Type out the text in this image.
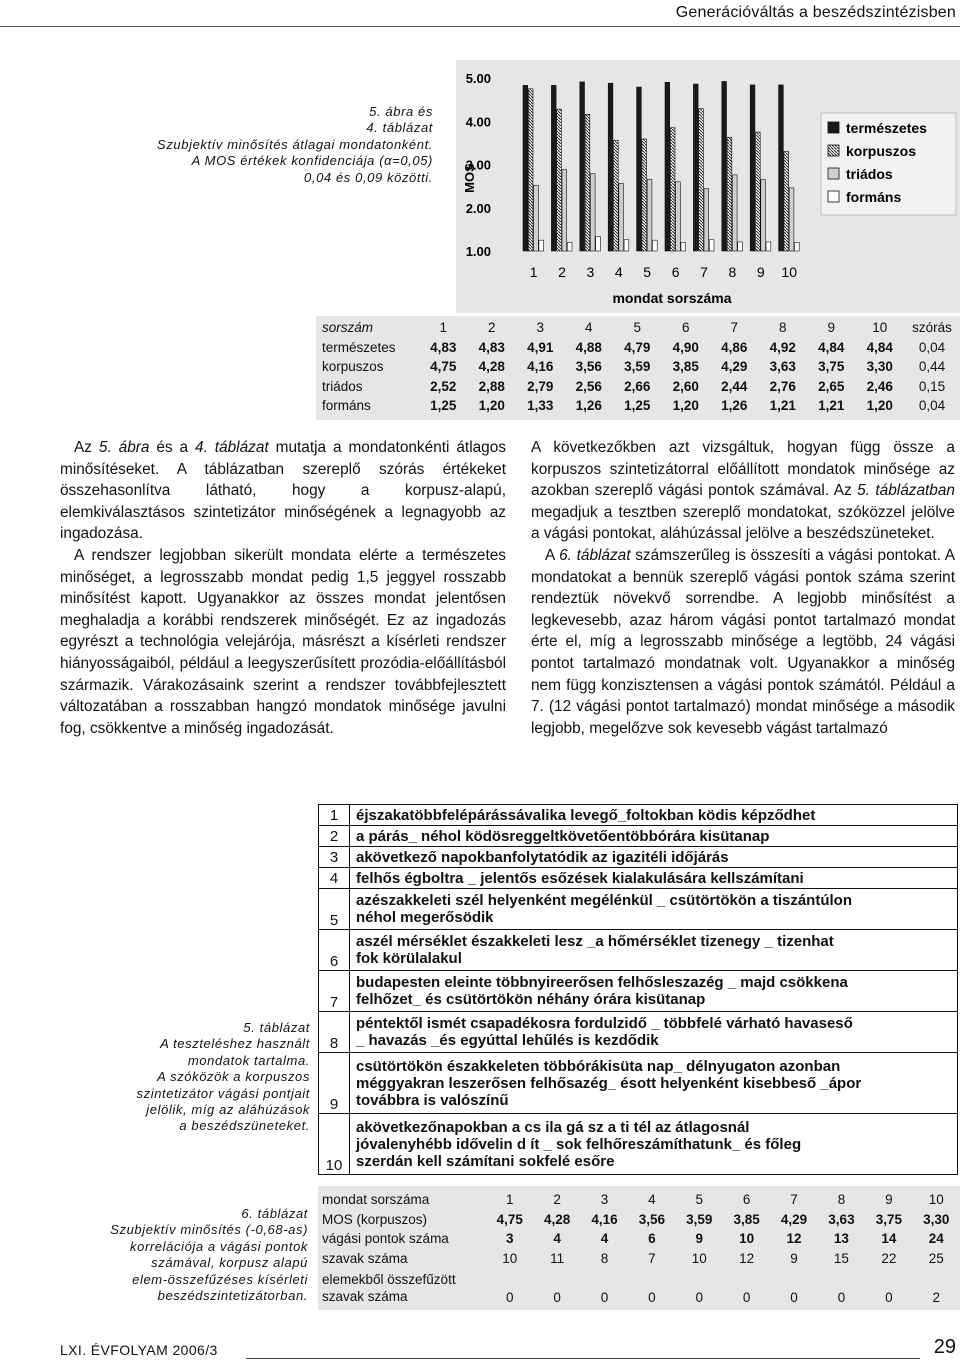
Generációváltás a beszédszintézisben
5. ábra és
4. táblázat
Szubjektív minősítés átlagai mondatonként.
A MOS értékek konfidenciája (α=0,05)
0,04 és 0,09 közötti. MOS
5.00
4.00
3.00
2.00
1.00
1 2 3 4 5 6 7 8 9 10
mondat sorszáma
természetes
korpuszos
triádos
formáns
sorszám	1	2	3	4	5	6	7	8	9	10	szórás
természetes	4,83	4,83	4,91	4,88	4,79	4,90	4,86	4,92	4,84	4,84	0,04
korpuszos	4,75	4,28	4,16	3,56	3,59	3,85	4,29	3,63	3,75	3,30	0,44
triádos	2,52	2,88	2,79	2,56	2,66	2,60	2,44	2,76	2,65	2,46	0,15
formáns	1,25	1,20	1,33	1,26	1,25	1,20	1,26	1,21	1,21	1,20	0,04

Az 5. ábra és a 4. táblázat mutatja a mondatonkénti átlagos minősítéseket. A táblázatban szereplő szórás értékeket összehasonlítva látható, hogy a korpusz-alapú, elemkiválasztásos szintetizátor minőségének a legnagyobb az ingadozása.

A rendszer legjobban sikerült mondata elérte a természetes minőséget, a legrosszabb mondat pedig 1,5 jeggyel rosszabb minősítést kapott. Ugyanakkor az összes mondat jelentősen meghaladja a korábbi rendszerek minőségét. Ez az ingadozás egyrészt a technológia velejárója, másrészt a kísérleti rendszer hiányosságaiból, például a leegyszerűsített prozódia-előállításból származik. Várakozásaink szerint a rendszer továbbfejlesztett változatában a rosszabban hangzó mondatok minősége javulni fog, csökkentve a minőség ingadozását.

A következőkben azt vizsgáltuk, hogyan függ össze a korpuszos szintetizátorral előállított mondatok minősége az azokban szereplő vágási pontok számával. Az 5. táblázatban megadjuk a tesztben szereplő mondatokat, szóközzel jelölve a vágási pontokat, aláhúzással jelölve a beszédszüneteket.

A 6. táblázat számszerűleg is összesíti a vágási pontokat. A mondatokat a bennük szereplő vágási pontok száma szerint rendeztük növekvő sorrendbe. A legjobb minősítést a legkevesebb, azaz három vágási pontot tartalmazó mondat érte el, míg a legrosszabb minősége a legtöbb, 24 vágási pontot tartalmazó mondatnak volt. Ugyanakkor a minőség nem függ konzisztensen a vágási pontok számától. Például a 7. (12 vágási pontot tartalmazó) mondat minősége a második legjobb, megelőzve sok kevesebb vágást tartalmazó

5. táblázat
A teszteléshez használt
mondatok tartalma.
A szóközök a korpuszos
szintetizátor vágási pontjait
jelölik, míg az aláhúzások
a beszédszüneteket.
1	éjszakatöbbfelépárássávalika levegő_foltokban ködis képződhet

2	a párás_ néhol ködösreggeltkövetőentöbbórára kisütanap

3	akövetkező napokbanfolytatódik az igazitéli időjárás

4	felhős égboltra _ jelentős esőzések kialakulására kellszámítani

5	azészakkeleti szél helyenként megélénkül _ csütörtökön a tiszántúlon
néhol megerősödik

6	aszél mérséklet északkeleti lesz _a hőmérséklet tizenegy _ tizenhat
fok körülalakul

7	budapesten eleinte többnyireerősen felhősleszazég _ majd csökkena
felhőzet_ és csütörtökön néhány órára kisütanap

8	péntektől ismét csapadékosra fordulzidő _ többfelé várható havaseső
_ havazás _és egyúttal lehűlés is kezdődik

9	csütörtökön északkeleten többórákisüta nap_ délnyugaton azonban
méggyakran leszerősen felhősazég_ ésott helyenként kisebbeső _ápor
továbbra is valószínű

10	akövetkezőnapokban a cs ila gá sz a ti tél az átlagosnál
jóvalenyhébb idővelin d ít _ sok felhőreszámíthatunk_ és főleg
szerdán kell számítani sokfelé esőre
6. táblázat
Szubjektív minősítés (-0,68-as)
korrelációja a vágási pontok
számával, korpusz alapú
elem-összefűzéses kísérleti
beszédszintetizátorban.
mondat sorszáma	1	2	3	4	5	6	7	8	9	10
MOS (korpuszos)	4,75	4,28	4,16	3,56	3,59	3,85	4,29	3,63	3,75	3,30
vágási pontok száma	3	4	4	6	9	10	12	13	14	24
szavak száma	10	11	8	7	10	12	9	15	22	25

elemekből összefűzött
szavak száma	0	0	0	0	0	0	0	0	0	2
LXI. ÉVFOLYAM 2006/3	29
